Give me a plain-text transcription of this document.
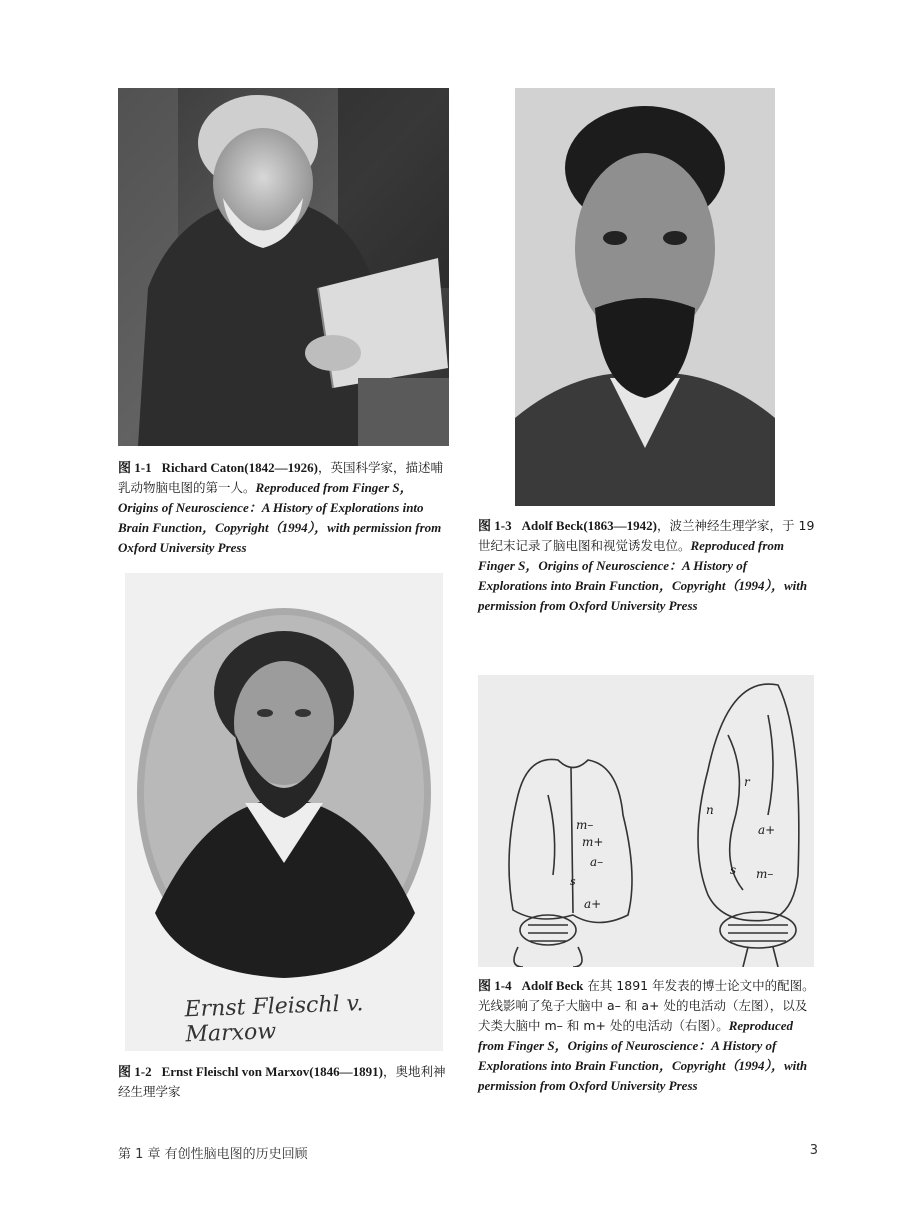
图 1-1 Richard Caton(1842—1926)，英国科学家，描述哺乳动物脑电图的第一人。Reproduced from Finger S，Origins of Neuroscience：A History of Explorations into Brain Function，Copyright（1994），with permission from Oxford University Press

Ernst Fleischl v. Marxow

图 1-2 Ernst Fleischl von Marxov(1846—1891)，奥地利神经生理学家

图 1-3 Adolf Beck(1863—1942)，波兰神经生理学家，于 19 世纪末记录了脑电图和视觉诱发电位。Reproduced from Finger S，Origins of Neuroscience：A History of Explorations into Brain Function，Copyright（1994），with permission from Oxford University Press

m–
m+
a–
a+
s
n
r
a+
s m–

图 1-4 Adolf Beck 在其 1891 年发表的博士论文中的配图。光线影响了兔子大脑中 a– 和 a+ 处的电活动（左图），以及犬类大脑中 m– 和 m+ 处的电活动（右图）。Reproduced from Finger S，Origins of Neuroscience：A History of Explorations into Brain Function，Copyright（1994），with permission from Oxford University Press

第 1 章 有创性脑电图的历史回顾	3
